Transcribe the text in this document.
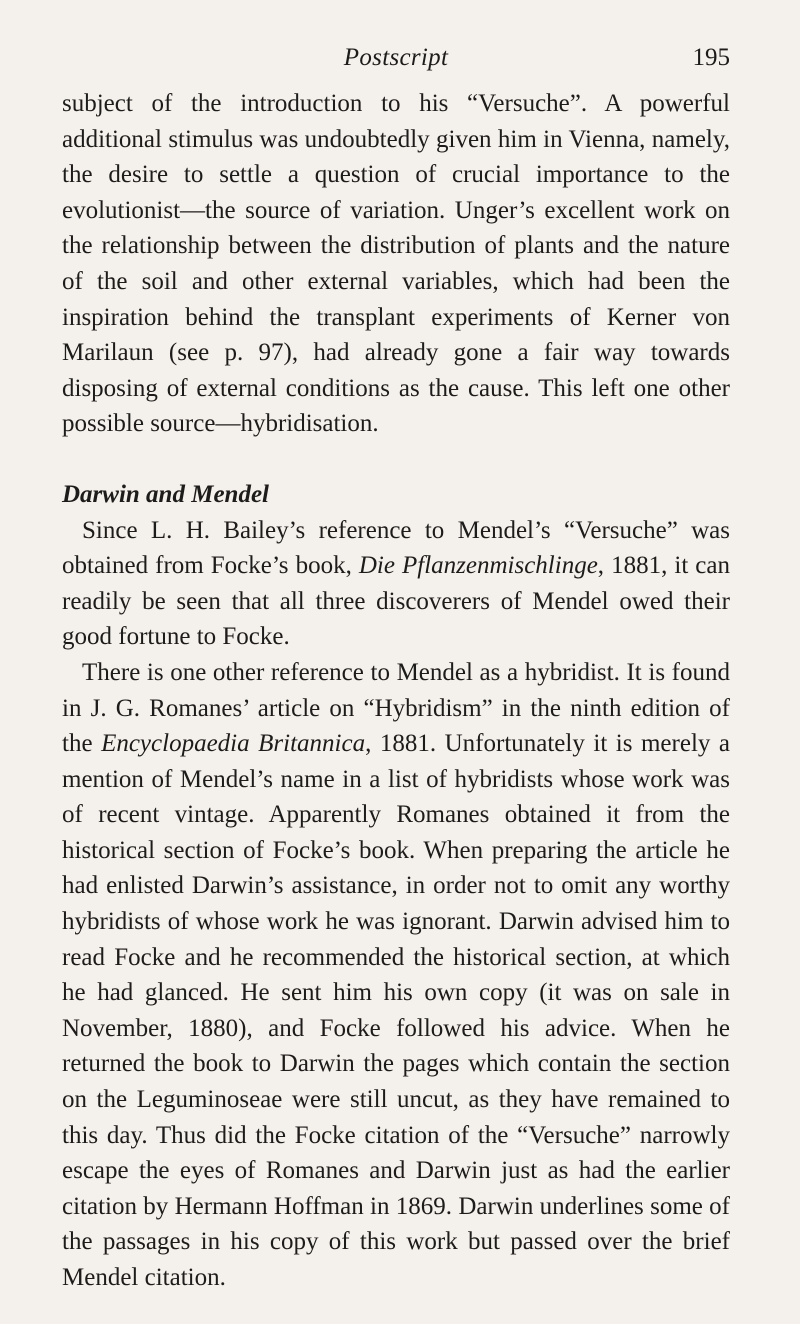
Postscript	195

subject of the introduction to his “Versuche”. A powerful additional stimulus was undoubtedly given him in Vienna, namely, the desire to settle a question of crucial importance to the evolutionist—the source of variation. Unger’s excellent work on the relationship between the distribution of plants and the nature of the soil and other external variables, which had been the inspiration behind the transplant experiments of Kerner von Marilaun (see p. 97), had already gone a fair way towards disposing of external conditions as the cause. This left one other possible source—hybridisation.

Darwin and Mendel

Since L. H. Bailey’s reference to Mendel’s “Versuche” was obtained from Focke’s book, Die Pflanzenmischlinge, 1881, it can readily be seen that all three discoverers of Mendel owed their good fortune to Focke.

There is one other reference to Mendel as a hybridist. It is found in J. G. Romanes’ article on “Hybridism” in the ninth edition of the Encyclopaedia Britannica, 1881. Unfortunately it is merely a mention of Mendel’s name in a list of hybridists whose work was of recent vintage. Apparently Romanes obtained it from the historical section of Focke’s book. When preparing the article he had enlisted Darwin’s assistance, in order not to omit any worthy hybridists of whose work he was ignorant. Darwin advised him to read Focke and he recommended the historical section, at which he had glanced. He sent him his own copy (it was on sale in November, 1880), and Focke followed his advice. When he returned the book to Darwin the pages which contain the section on the Leguminoseae were still uncut, as they have remained to this day. Thus did the Focke citation of the “Versuche” narrowly escape the eyes of Romanes and Darwin just as had the earlier citation by Hermann Hoffman in 1869. Darwin underlines some of the passages in his copy of this work but passed over the brief Mendel citation.
